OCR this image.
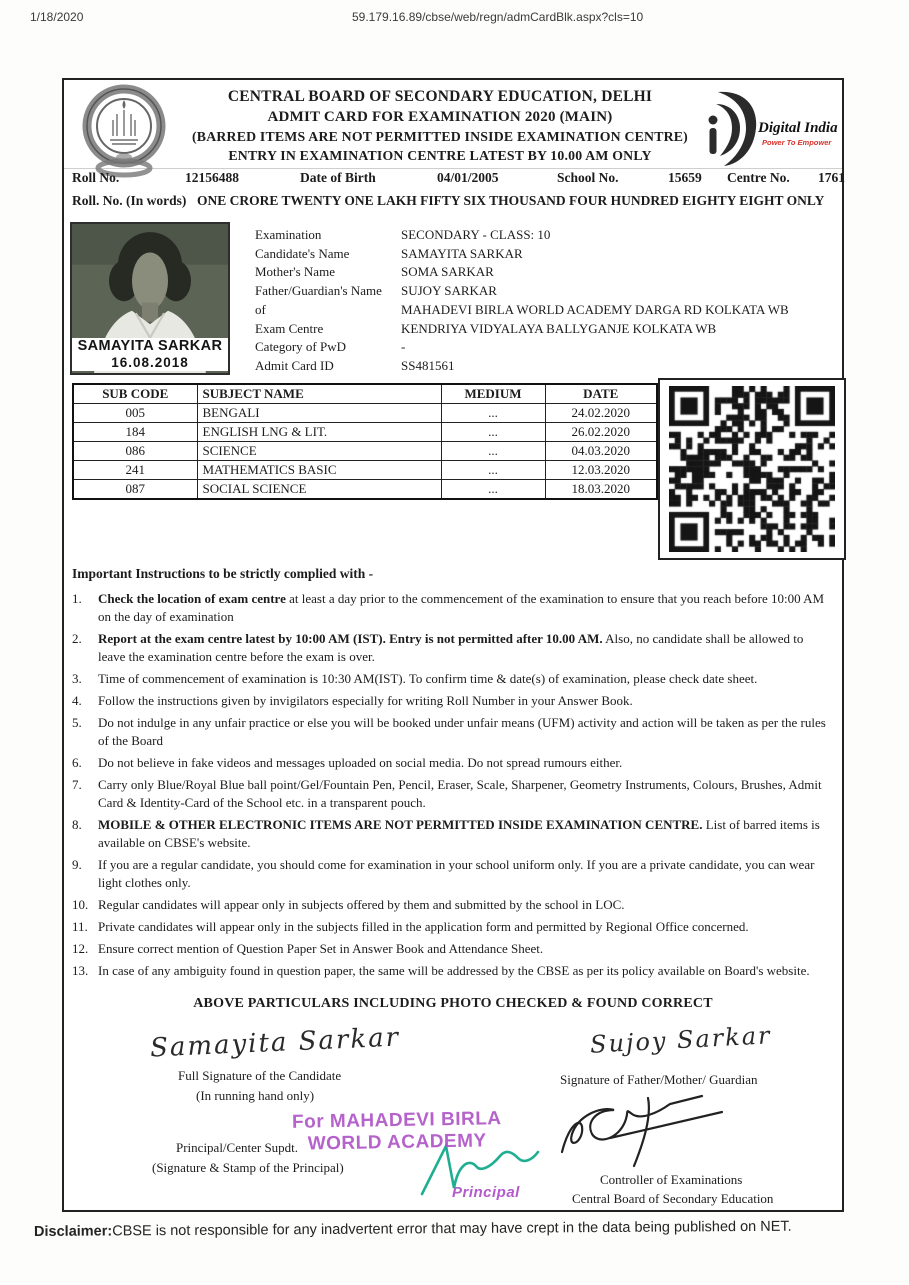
1/18/2020	59.179.16.89/cbse/web/regn/admCardBlk.aspx?cls=10
CENTRAL BOARD OF SECONDARY EDUCATION, DELHI
ADMIT CARD FOR EXAMINATION 2020 (MAIN)
(BARRED ITEMS ARE NOT PERMITTED INSIDE EXAMINATION CENTRE)
ENTRY IN EXAMINATION CENTRE LATEST BY 10.00 AM ONLY
Digital India
Power To Empower
Roll No.	12156488	Date of Birth	04/01/2005	School No.	15659 Centre No. 1761
Roll. No. (In words) ONE CRORE TWENTY ONE LAKH FIFTY SIX THOUSAND FOUR HUNDRED EIGHTY EIGHT ONLY
SAMAYITA SARKAR
16.08.2018
Examination	SECONDARY - CLASS: 10
Candidate's Name	SAMAYITA SARKAR
Mother's Name	SOMA SARKAR
Father/Guardian's Name	SUJOY SARKAR
of	MAHADEVI BIRLA WORLD ACADEMY DARGA RD KOLKATA WB
Exam Centre	KENDRIYA VIDYALAYA BALLYGANJE KOLKATA WB
Category of PwD	-
Admit Card ID	SS481561
SUB CODE	SUBJECT NAME	MEDIUM	DATE
005	BENGALI	...	24.02.2020
184	ENGLISH LNG & LIT.	...	26.02.2020
086	SCIENCE	...	04.03.2020
241	MATHEMATICS BASIC	...	12.03.2020
087	SOCIAL SCIENCE	...	18.03.2020
Important Instructions to be strictly complied with -
1.	Check the location of exam centre at least a day prior to the commencement of the examination to ensure that you reach before 10:00 AM on the day of examination
2.	Report at the exam centre latest by 10:00 AM (IST). Entry is not permitted after 10.00 AM. Also, no candidate shall be allowed to leave the examination centre before the exam is over.
3.	Time of commencement of examination is 10:30 AM(IST). To confirm time & date(s) of examination, please check date sheet.
4.	Follow the instructions given by invigilators especially for writing Roll Number in your Answer Book.
5.	Do not indulge in any unfair practice or else you will be booked under unfair means (UFM) activity and action will be taken as per the rules of the Board
6.	Do not believe in fake videos and messages uploaded on social media. Do not spread rumours either.
7.	Carry only Blue/Royal Blue ball point/Gel/Fountain Pen, Pencil, Eraser, Scale, Sharpener, Geometry Instruments, Colours, Brushes, Admit Card & Identity-Card of the School etc. in a transparent pouch.
8.	MOBILE & OTHER ELECTRONIC ITEMS ARE NOT PERMITTED INSIDE EXAMINATION CENTRE. List of barred items is available on CBSE's website.
9.	If you are a regular candidate, you should come for examination in your school uniform only. If you are a private candidate, you can wear light clothes only.
10. Regular candidates will appear only in subjects offered by them and submitted by the school in LOC.
11. Private candidates will appear only in the subjects filled in the application form and permitted by Regional Office concerned.
12. Ensure correct mention of Question Paper Set in Answer Book and Attendance Sheet.
13. In case of any ambiguity found in question paper, the same will be addressed by the CBSE as per its policy available on Board's website.
ABOVE PARTICULARS INCLUDING PHOTO CHECKED & FOUND CORRECT
Samayita Sarkar
Full Signature of the Candidate
(In running hand only)
For MAHADEVI BIRLA
WORLD ACADEMY
Principal/Center Supdt.
(Signature & Stamp of the Principal)
Principal
Sujoy Sarkar
Signature of Father/Mother/ Guardian
Controller of Examinations
Central Board of Secondary Education
Disclaimer:CBSE is not responsible for any inadvertent error that may have crept in the data being published on NET.
